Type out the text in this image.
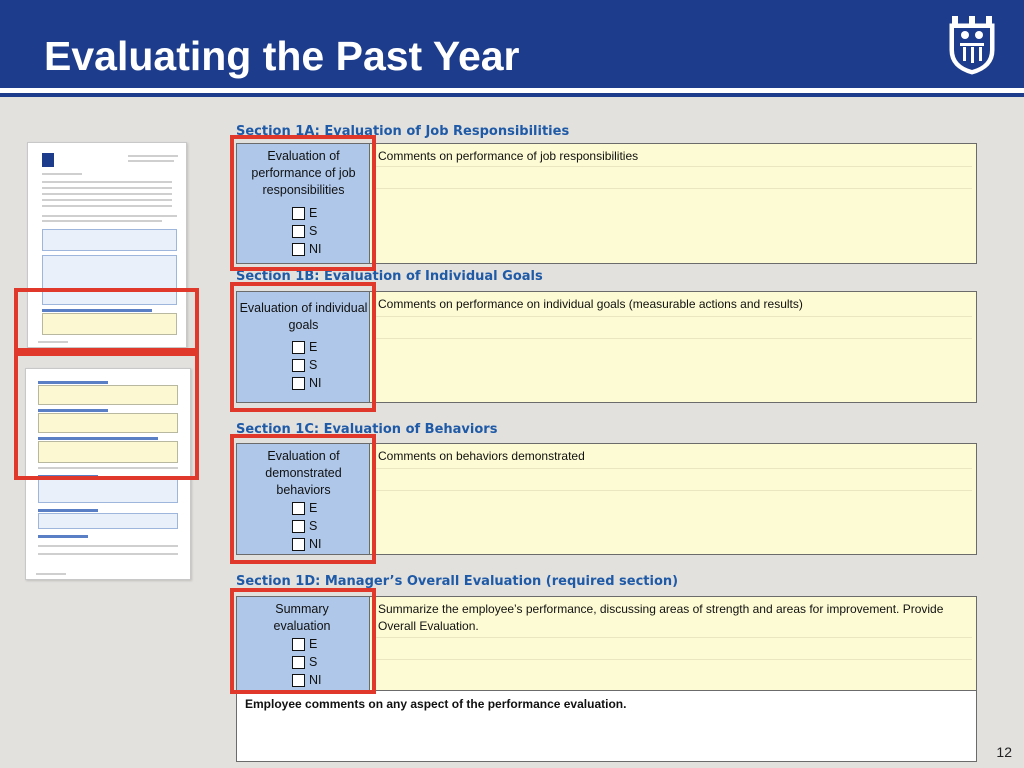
Evaluating the Past Year
Section 1A: Evaluation of Job Responsibilities
Section 1B: Evaluation of Individual Goals
Section 1C: Evaluation of Behaviors
Section 1D: Manager’s Overall Evaluation (required section)
Evaluation of performance of job responsibilities
E
S
NI
Comments on performance of job responsibilities
Evaluation of individual goals
E
S
NI
Comments on performance on individual goals (measurable actions and results)
Evaluation of demonstrated behaviors
E
S
NI
Comments on behaviors demonstrated
Summary evaluation
E
S
NI
Summarize the employee’s performance, discussing areas of strength and areas for improvement. Provide Overall Evaluation.
Employee comments on any aspect of the performance evaluation.
12
